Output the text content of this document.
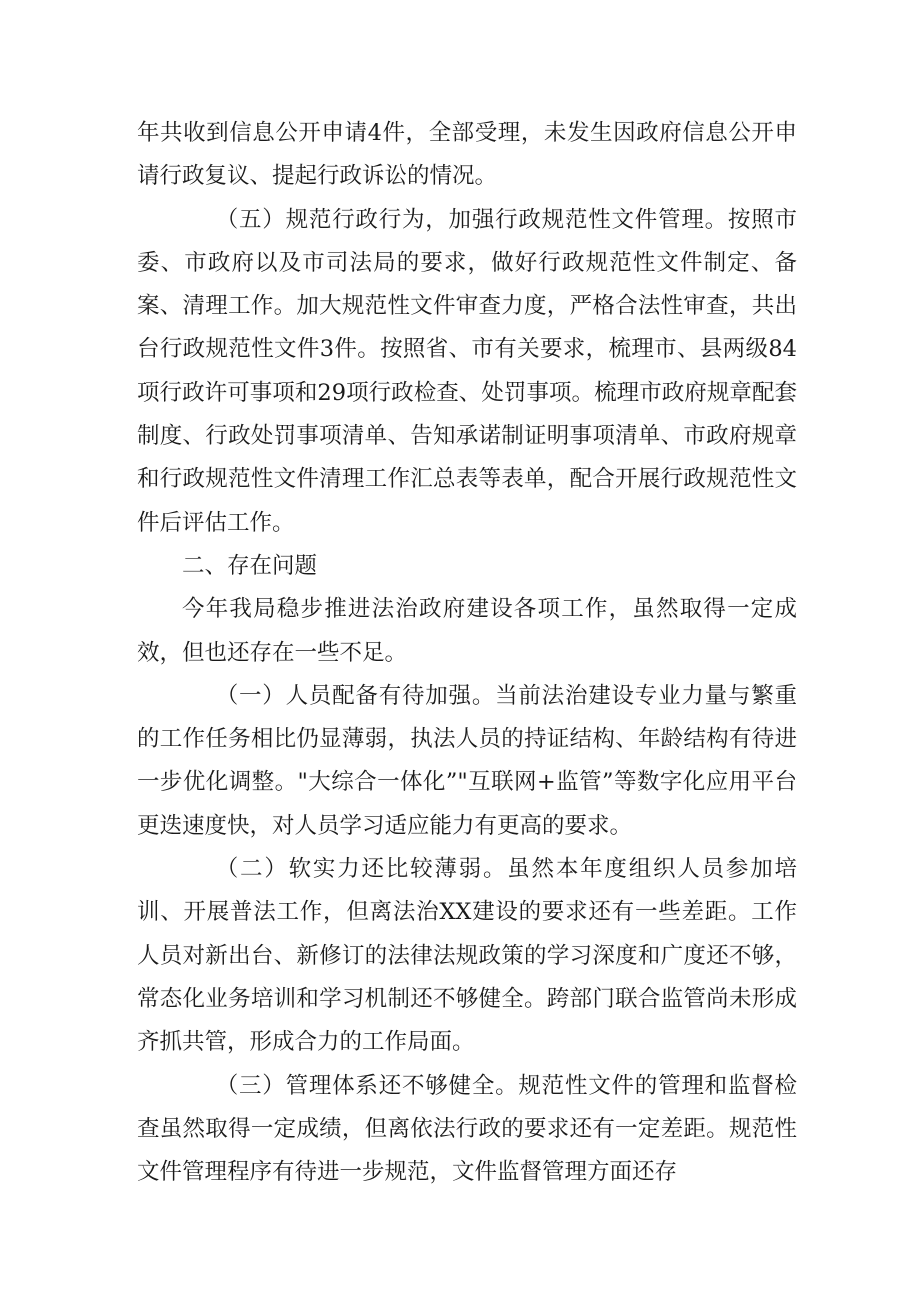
年共收到信息公开申请4件，全部受理，未发生因政府信息公开申请行政复议、提起行政诉讼的情况。

（五）规范行政行为，加强行政规范性文件管理。按照市委、市政府以及市司法局的要求，做好行政规范性文件制定、备案、清理工作。加大规范性文件审查力度，严格合法性审查，共出台行政规范性文件3件。按照省、市有关要求，梳理市、县两级84项行政许可事项和29项行政检查、处罚事项。梳理市政府规章配套制度、行政处罚事项清单、告知承诺制证明事项清单、市政府规章和行政规范性文件清理工作汇总表等表单，配合开展行政规范性文件后评估工作。

二、存在问题

今年我局稳步推进法治政府建设各项工作，虽然取得一定成效，但也还存在一些不足。

（一）人员配备有待加强。当前法治建设专业力量与繁重的工作任务相比仍显薄弱，执法人员的持证结构、年龄结构有待进一步优化调整。"大综合一体化”"互联网+监管”等数字化应用平台更迭速度快，对人员学习适应能力有更高的要求。

（二）软实力还比较薄弱。虽然本年度组织人员参加培训、开展普法工作，但离法治XX建设的要求还有一些差距。工作人员对新出台、新修订的法律法规政策的学习深度和广度还不够，常态化业务培训和学习机制还不够健全。跨部门联合监管尚未形成齐抓共管，形成合力的工作局面。

（三）管理体系还不够健全。规范性文件的管理和监督检查虽然取得一定成绩，但离依法行政的要求还有一定差距。规范性文件管理程序有待进一步规范，文件监督管理方面还存
